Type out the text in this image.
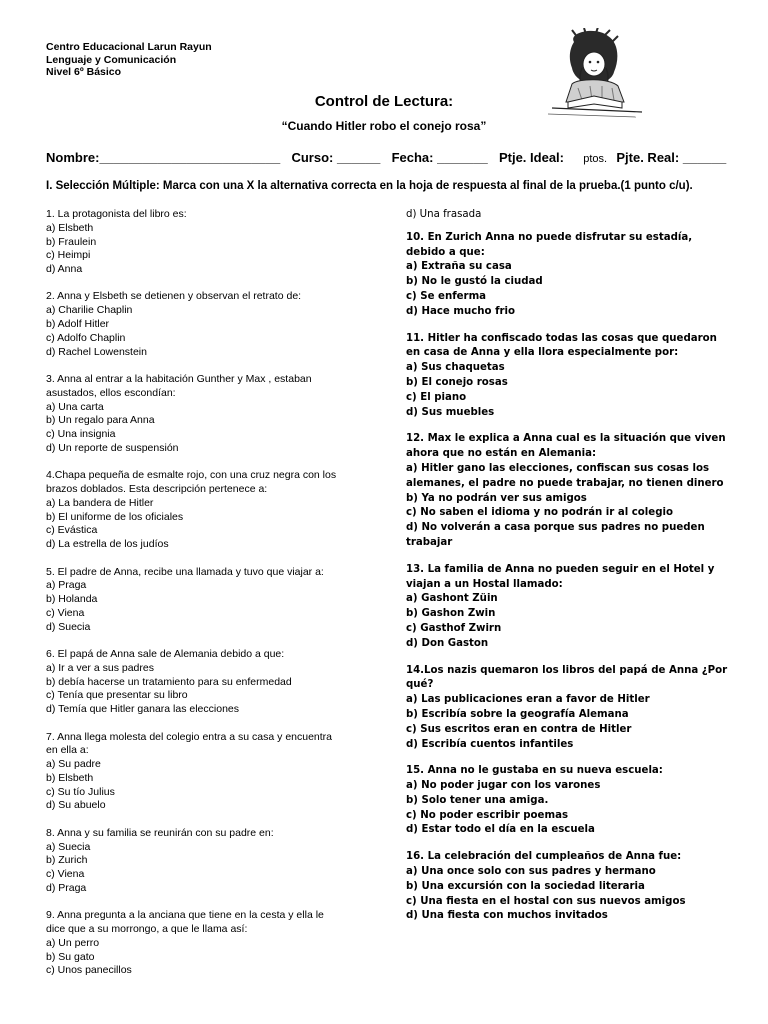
Centro Educacional Larun Rayun
Lenguaje y Comunicación
Nivel 6º Básico
Control de Lectura:
“Cuando Hitler robo el conejo rosa”
Nombre:_________________________ Curso: ______ Fecha: _______ Ptje. Ideal: ptos. Pjte. Real: ______
I. Selección Múltiple: Marca con una X la alternativa correcta en la hoja de respuesta al final de la prueba.(1 punto c/u).
1. La protagonista del libro es:
a) Elsbeth
b) Fraulein
c) Heimpi
d) Anna
2. Anna y Elsbeth se detienen y observan el retrato de:
a) Charilie Chaplin
b) Adolf Hitler
c) Adolfo Chaplin
d) Rachel Lowenstein
3. Anna al entrar a la habitación Gunther y Max , estaban
asustados, ellos escondían:
a) Una carta
b) Un regalo para Anna
c) Una insignia
d) Un reporte de suspensión
4.Chapa pequeña de esmalte rojo, con una cruz negra con los
brazos doblados. Esta descripción pertenece a:
a) La bandera de Hitler
b) El uniforme de los oficiales
c) Evástica
d) La estrella de los judíos
5. El padre de Anna, recibe una llamada y tuvo que viajar a:
a) Praga
b) Holanda
c) Viena
d) Suecia
6. El papá de Anna sale de Alemania debido a que:
a) Ir a ver a sus padres
b) debía hacerse un tratamiento para su enfermedad
c) Tenía que presentar su libro
d) Temía que Hitler ganara las elecciones
7. Anna llega molesta del colegio entra a su casa y encuentra
en ella a:
a) Su padre
b) Elsbeth
c) Su tío Julius
d) Su abuelo
8. Anna y su familia se reunirán con su padre en:
a) Suecia
b) Zurich
c) Viena
d) Praga
9. Anna pregunta a la anciana que tiene en la cesta y ella le
dice que a su morrongo, a que le llama así:
a) Un perro
b) Su gato
c) Unos panecillos
d) Una frasada
10. En Zurich Anna no puede disfrutar su estadía,
debido a que:
a) Extraña su casa
b) No le gustó la ciudad
c) Se enferma
d) Hace mucho frio
11. Hitler ha confiscado todas las cosas que quedaron
en casa de Anna y ella llora especialmente por:
a) Sus chaquetas
b) El conejo rosas
c) El piano
d) Sus muebles
12. Max le explica a Anna cual es la situación que viven
ahora que no están en Alemania:
a) Hitler gano las elecciones, confiscan sus cosas los
alemanes, el padre no puede trabajar, no tienen dinero
b) Ya no podrán ver sus amigos
c) No saben el idioma y no podrán ir al colegio
d) No volverán a casa porque sus padres no pueden
trabajar
13. La familia de Anna no pueden seguir en el Hotel y
viajan a un Hostal llamado:
a) Gashont Züin
b) Gashon Zwin
c) Gasthof Zwirn
d) Don Gaston
14.Los nazis quemaron los libros del papá de Anna ¿Por
qué?
a) Las publicaciones eran a favor de Hitler
b) Escribía sobre la geografía Alemana
c) Sus escritos eran en contra de Hitler
d) Escribía cuentos infantiles
15. Anna no le gustaba en su nueva escuela:
a) No poder jugar con los varones
b) Solo tener una amiga.
c) No poder escribir poemas
d) Estar todo el día en la escuela
16. La celebración del cumpleaños de Anna fue:
a) Una once solo con sus padres y hermano
b) Una excursión con la sociedad literaria
c) Una fiesta en el hostal con sus nuevos amigos
d) Una fiesta con muchos invitados
